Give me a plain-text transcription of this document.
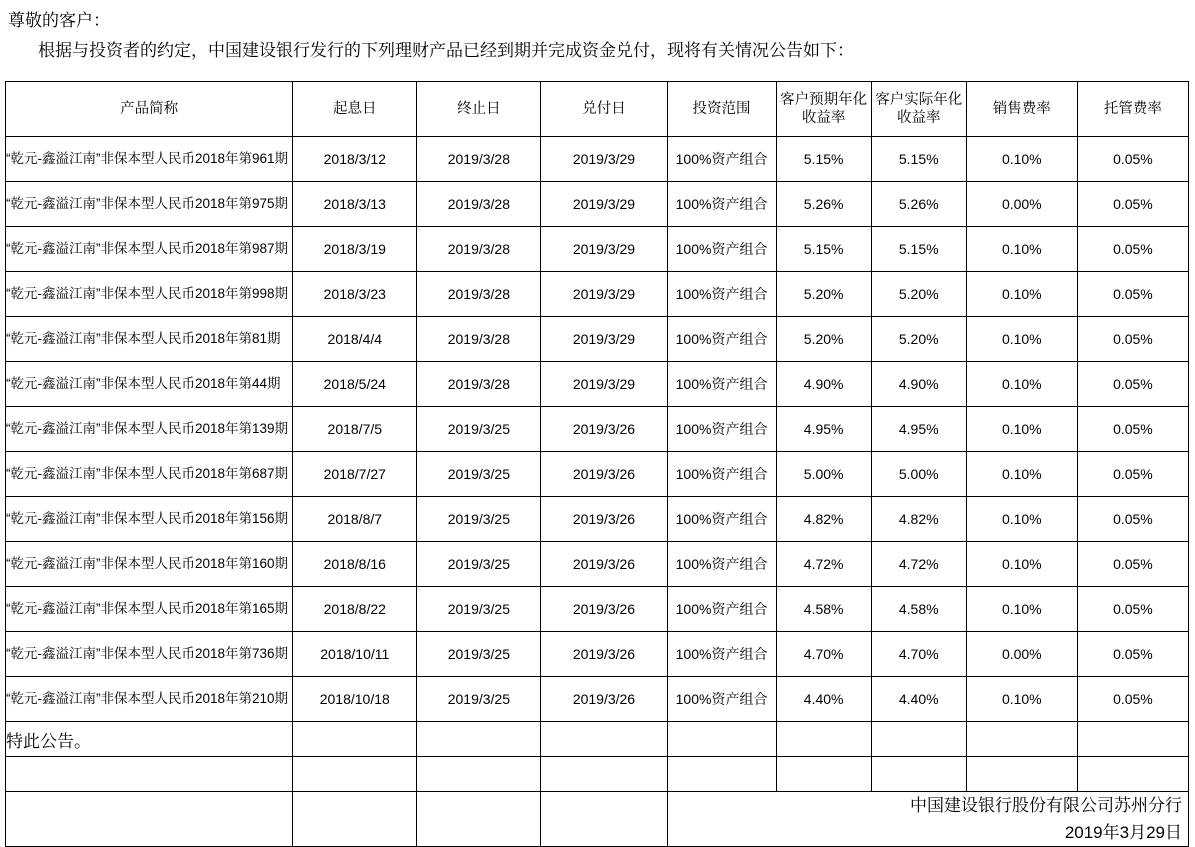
尊敬的客户：
根据与投资者的约定，中国建设银行发行的下列理财产品已经到期并完成资金兑付，现将有关情况公告如下：
产品简称	起息日	终止日	兑付日	投资范围	客户预期年化收益率	客户实际年化收益率	销售费率	托管费率
“乾元-鑫溢江南”非保本型人民币2018年第961期	2018/3/12	2019/3/28	2019/3/29	100%资产组合	5.15%	5.15%	0.10%	0.05%
“乾元-鑫溢江南”非保本型人民币2018年第975期	2018/3/13	2019/3/28	2019/3/29	100%资产组合	5.26%	5.26%	0.00%	0.05%
“乾元-鑫溢江南”非保本型人民币2018年第987期	2018/3/19	2019/3/28	2019/3/29	100%资产组合	5.15%	5.15%	0.10%	0.05%
“乾元-鑫溢江南”非保本型人民币2018年第998期	2018/3/23	2019/3/28	2019/3/29	100%资产组合	5.20%	5.20%	0.10%	0.05%
“乾元-鑫溢江南”非保本型人民币2018年第81期	2018/4/4	2019/3/28	2019/3/29	100%资产组合	5.20%	5.20%	0.10%	0.05%
“乾元-鑫溢江南”非保本型人民币2018年第44期	2018/5/24	2019/3/28	2019/3/29	100%资产组合	4.90%	4.90%	0.10%	0.05%
“乾元-鑫溢江南”非保本型人民币2018年第139期	2018/7/5	2019/3/25	2019/3/26	100%资产组合	4.95%	4.95%	0.10%	0.05%
“乾元-鑫溢江南”非保本型人民币2018年第687期	2018/7/27	2019/3/25	2019/3/26	100%资产组合	5.00%	5.00%	0.10%	0.05%
“乾元-鑫溢江南”非保本型人民币2018年第156期	2018/8/7	2019/3/25	2019/3/26	100%资产组合	4.82%	4.82%	0.10%	0.05%
“乾元-鑫溢江南”非保本型人民币2018年第160期	2018/8/16	2019/3/25	2019/3/26	100%资产组合	4.72%	4.72%	0.10%	0.05%
“乾元-鑫溢江南”非保本型人民币2018年第165期	2018/8/22	2019/3/25	2019/3/26	100%资产组合	4.58%	4.58%	0.10%	0.05%
“乾元-鑫溢江南”非保本型人民币2018年第736期	2018/10/11	2019/3/25	2019/3/26	100%资产组合	4.70%	4.70%	0.00%	0.05%
“乾元-鑫溢江南”非保本型人民币2018年第210期	2018/10/18	2019/3/25	2019/3/26	100%资产组合	4.40%	4.40%	0.10%	0.05%
特此公告。								

				中国建设银行股份有限公司苏州分行
2019年3月29日				
